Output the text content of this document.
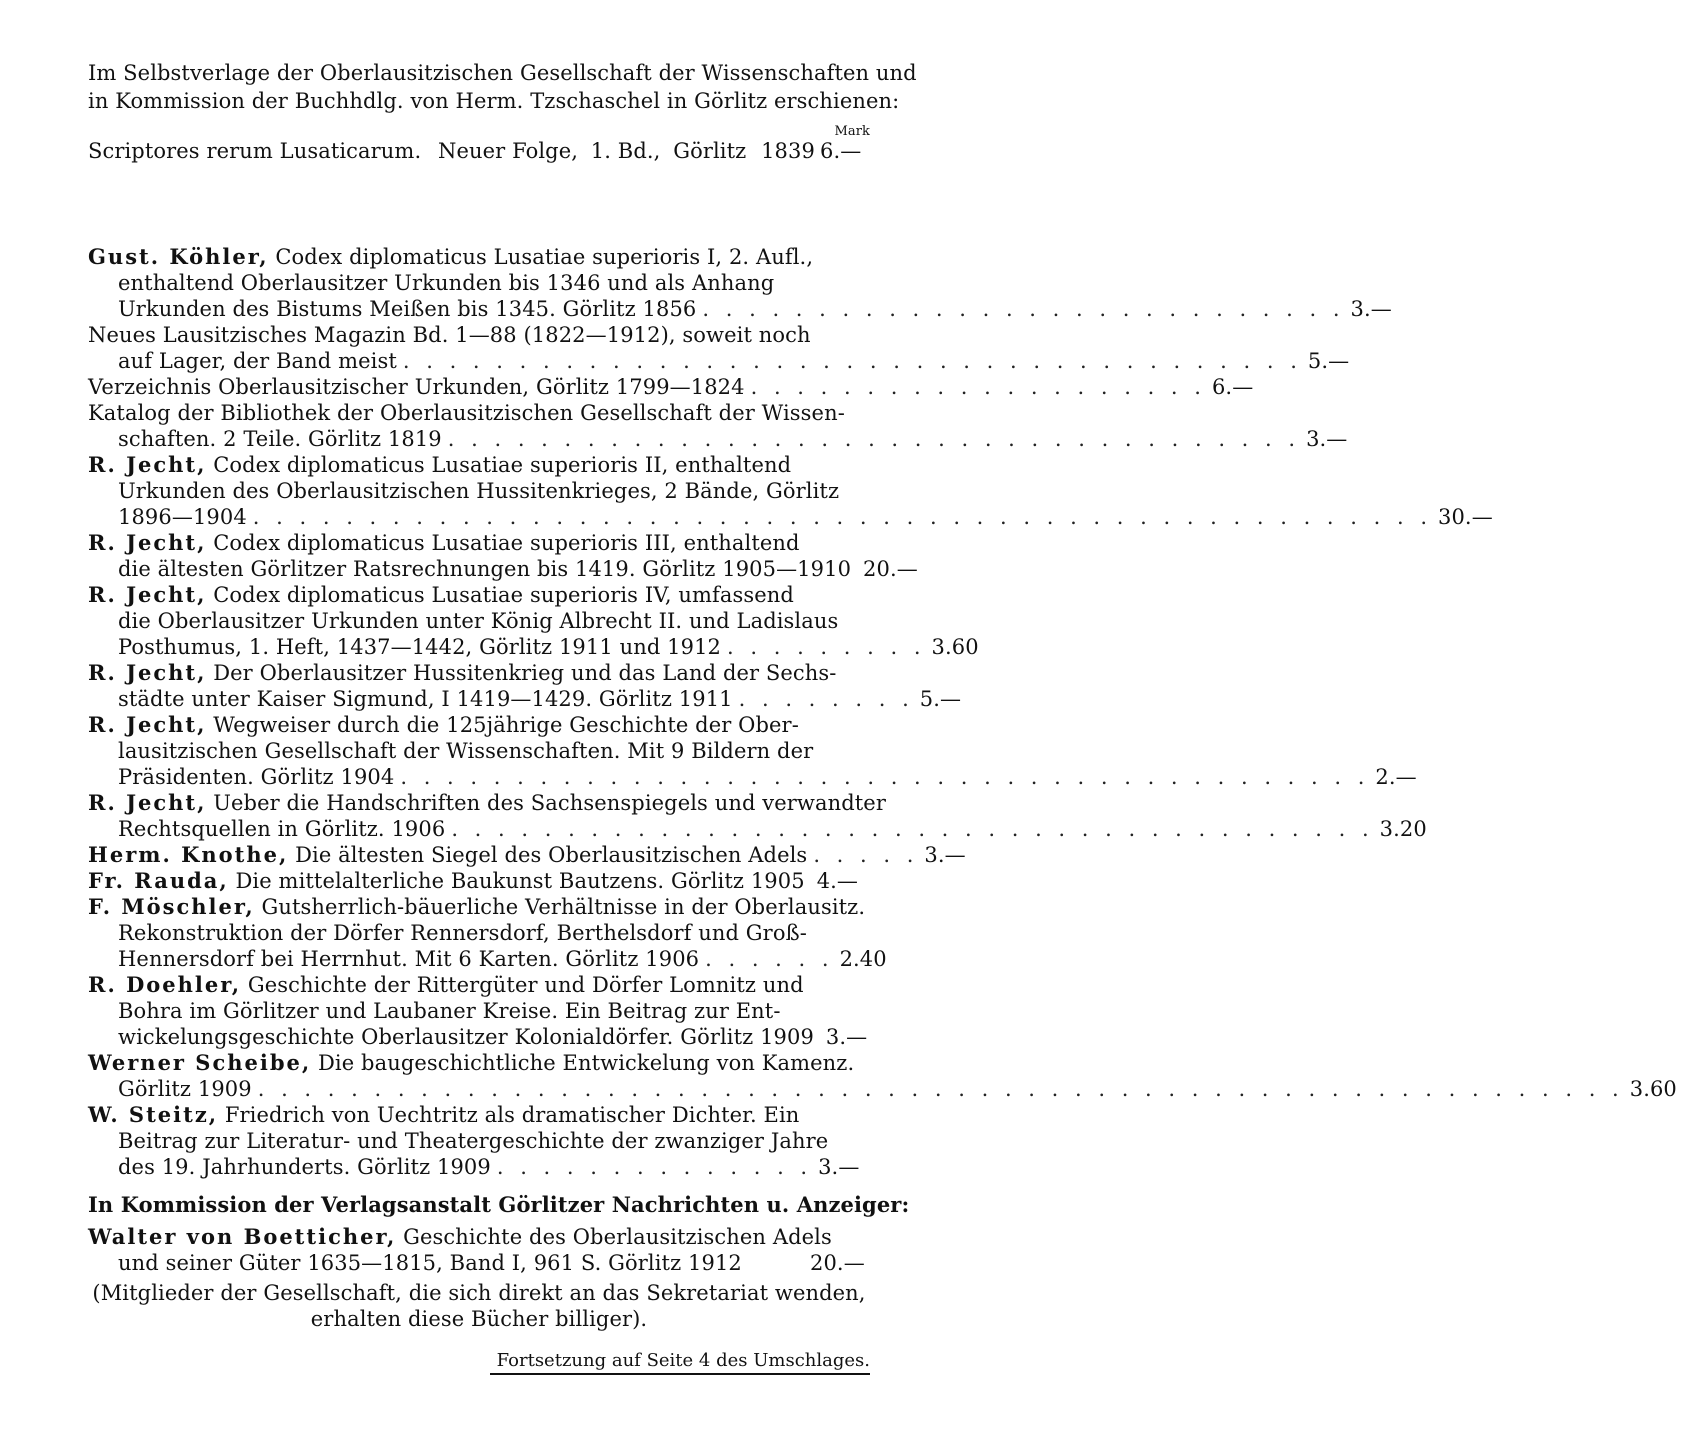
Im Selbstverlage der Oberlausitzischen Gesellschaft der Wissenschaften und
in Kommission der Buchhdlg. von Herm. Tzschaschel in Görlitz erschienen:
Mark
Scriptores rerum Lusaticarum. Neuer Folge, 1. Bd., Görlitz 1839 6.—
Gust. Köhler, Codex diplomaticus Lusatiae superioris I, 2. Aufl.,
enthaltend Oberlausitzer Urkunden bis 1346 und als Anhang
Urkunden des Bistums Meißen bis 1345. Görlitz 1856 . . . . . . . . . . . . . . . . . . . . . . . . . . . . 3.—
Neues Lausitzisches Magazin Bd. 1—88 (1822—1912), soweit noch
auf Lager, der Band meist . . . . . . . . . . . . . . . . . . . . . . . . . . . . . . . . . . . . . . . 5.—
Verzeichnis Oberlausitzischer Urkunden, Görlitz 1799—1824 . . . . . . . . . . . . . . . . . . . . 6.—
Katalog der Bibliothek der Oberlausitzischen Gesellschaft der Wissen-
schaften. 2 Teile. Görlitz 1819 . . . . . . . . . . . . . . . . . . . . . . . . . . . . . . . . . . . . . 3.—
R. Jecht, Codex diplomaticus Lusatiae superioris II, enthaltend
Urkunden des Oberlausitzischen Hussitenkrieges, 2 Bände, Görlitz
1896—1904 . . . . . . . . . . . . . . . . . . . . . . . . . . . . . . . . . . . . . . . . . . . . . . . . . . . 30.—
R. Jecht, Codex diplomaticus Lusatiae superioris III, enthaltend
die ältesten Görlitzer Ratsrechnungen bis 1419. Görlitz 1905—1910 20.—
R. Jecht, Codex diplomaticus Lusatiae superioris IV, umfassend
die Oberlausitzer Urkunden unter König Albrecht II. und Ladislaus
Posthumus, 1. Heft, 1437—1442, Görlitz 1911 und 1912 . . . . . . . . . 3.60
R. Jecht, Der Oberlausitzer Hussitenkrieg und das Land der Sechs-
städte unter Kaiser Sigmund, I 1419—1429. Görlitz 1911 . . . . . . . . 5.—
R. Jecht, Wegweiser durch die 125jährige Geschichte der Ober-
lausitzischen Gesellschaft der Wissenschaften. Mit 9 Bildern der
Präsidenten. Görlitz 1904 . . . . . . . . . . . . . . . . . . . . . . . . . . . . . . . . . . . . . . . . . . 2.—
R. Jecht, Ueber die Handschriften des Sachsenspiegels und verwandter
Rechtsquellen in Görlitz. 1906 . . . . . . . . . . . . . . . . . . . . . . . . . . . . . . . . . . . . . . . . 3.20
Herm. Knothe, Die ältesten Siegel des Oberlausitzischen Adels . . . . . 3.—
Fr. Rauda, Die mittelalterliche Baukunst Bautzens. Görlitz 1905 4.—
F. Möschler, Gutsherrlich-bäuerliche Verhältnisse in der Oberlausitz.
Rekonstruktion der Dörfer Rennersdorf, Berthelsdorf und Groß-
Hennersdorf bei Herrnhut. Mit 6 Karten. Görlitz 1906 . . . . . . 2.40
R. Doehler, Geschichte der Rittergüter und Dörfer Lomnitz und
Bohra im Görlitzer und Laubaner Kreise. Ein Beitrag zur Ent-
wickelungsgeschichte Oberlausitzer Kolonialdörfer. Görlitz 1909 3.—
Werner Scheibe, Die baugeschichtliche Entwickelung von Kamenz.
Görlitz 1909 . . . . . . . . . . . . . . . . . . . . . . . . . . . . . . . . . . . . . . . . . . . . . . . . . . . . . . . . . . . 3.60
W. Steitz, Friedrich von Uechtritz als dramatischer Dichter. Ein
Beitrag zur Literatur- und Theatergeschichte der zwanziger Jahre
des 19. Jahrhunderts. Görlitz 1909 . . . . . . . . . . . . . . 3.—
In Kommission der Verlagsanstalt Görlitzer Nachrichten u. Anzeiger:
Walter von Boetticher, Geschichte des Oberlausitzischen Adels
und seiner Güter 1635—1815, Band I, 961 S. Görlitz 1912	20.—
(Mitglieder der Gesellschaft, die sich direkt an das Sekretariat wenden,
erhalten diese Bücher billiger).
Fortsetzung auf Seite 4 des Umschlages.
